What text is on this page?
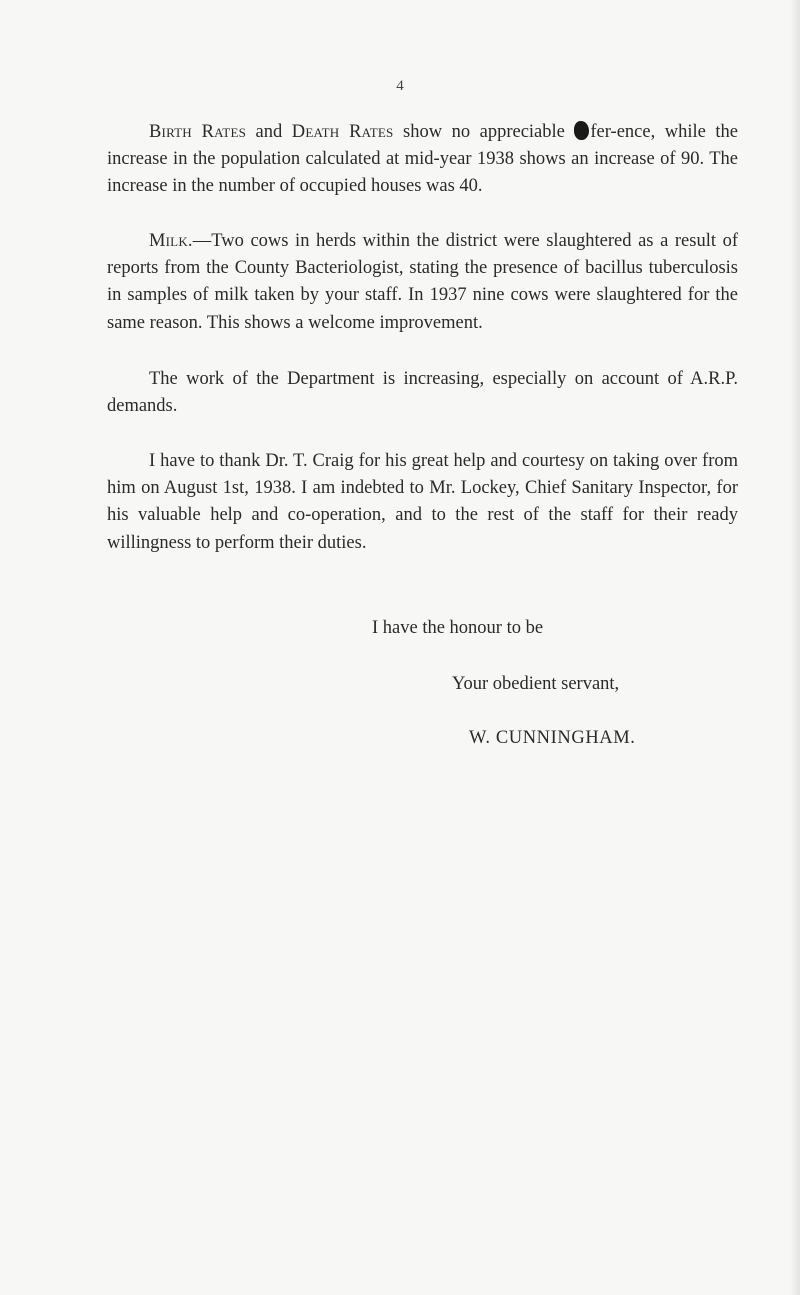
4

Birth Rates and Death Rates show no appreciable fer-ence, while the increase in the population calculated at mid-year 1938 shows an increase of 90. The increase in the number of occupied houses was 40.

Milk.—Two cows in herds within the district were slaughtered as a result of reports from the County Bacteriologist, stating the presence of bacillus tuberculosis in samples of milk taken by your staff. In 1937 nine cows were slaughtered for the same reason. This shows a welcome improvement.

The work of the Department is increasing, especially on account of A.R.P. demands.

I have to thank Dr. T. Craig for his great help and courtesy on taking over from him on August 1st, 1938. I am indebted to Mr. Lockey, Chief Sanitary Inspector, for his valuable help and co-operation, and to the rest of the staff for their ready willingness to perform their duties.

I have the honour to be

Your obedient servant,

W. CUNNINGHAM.
